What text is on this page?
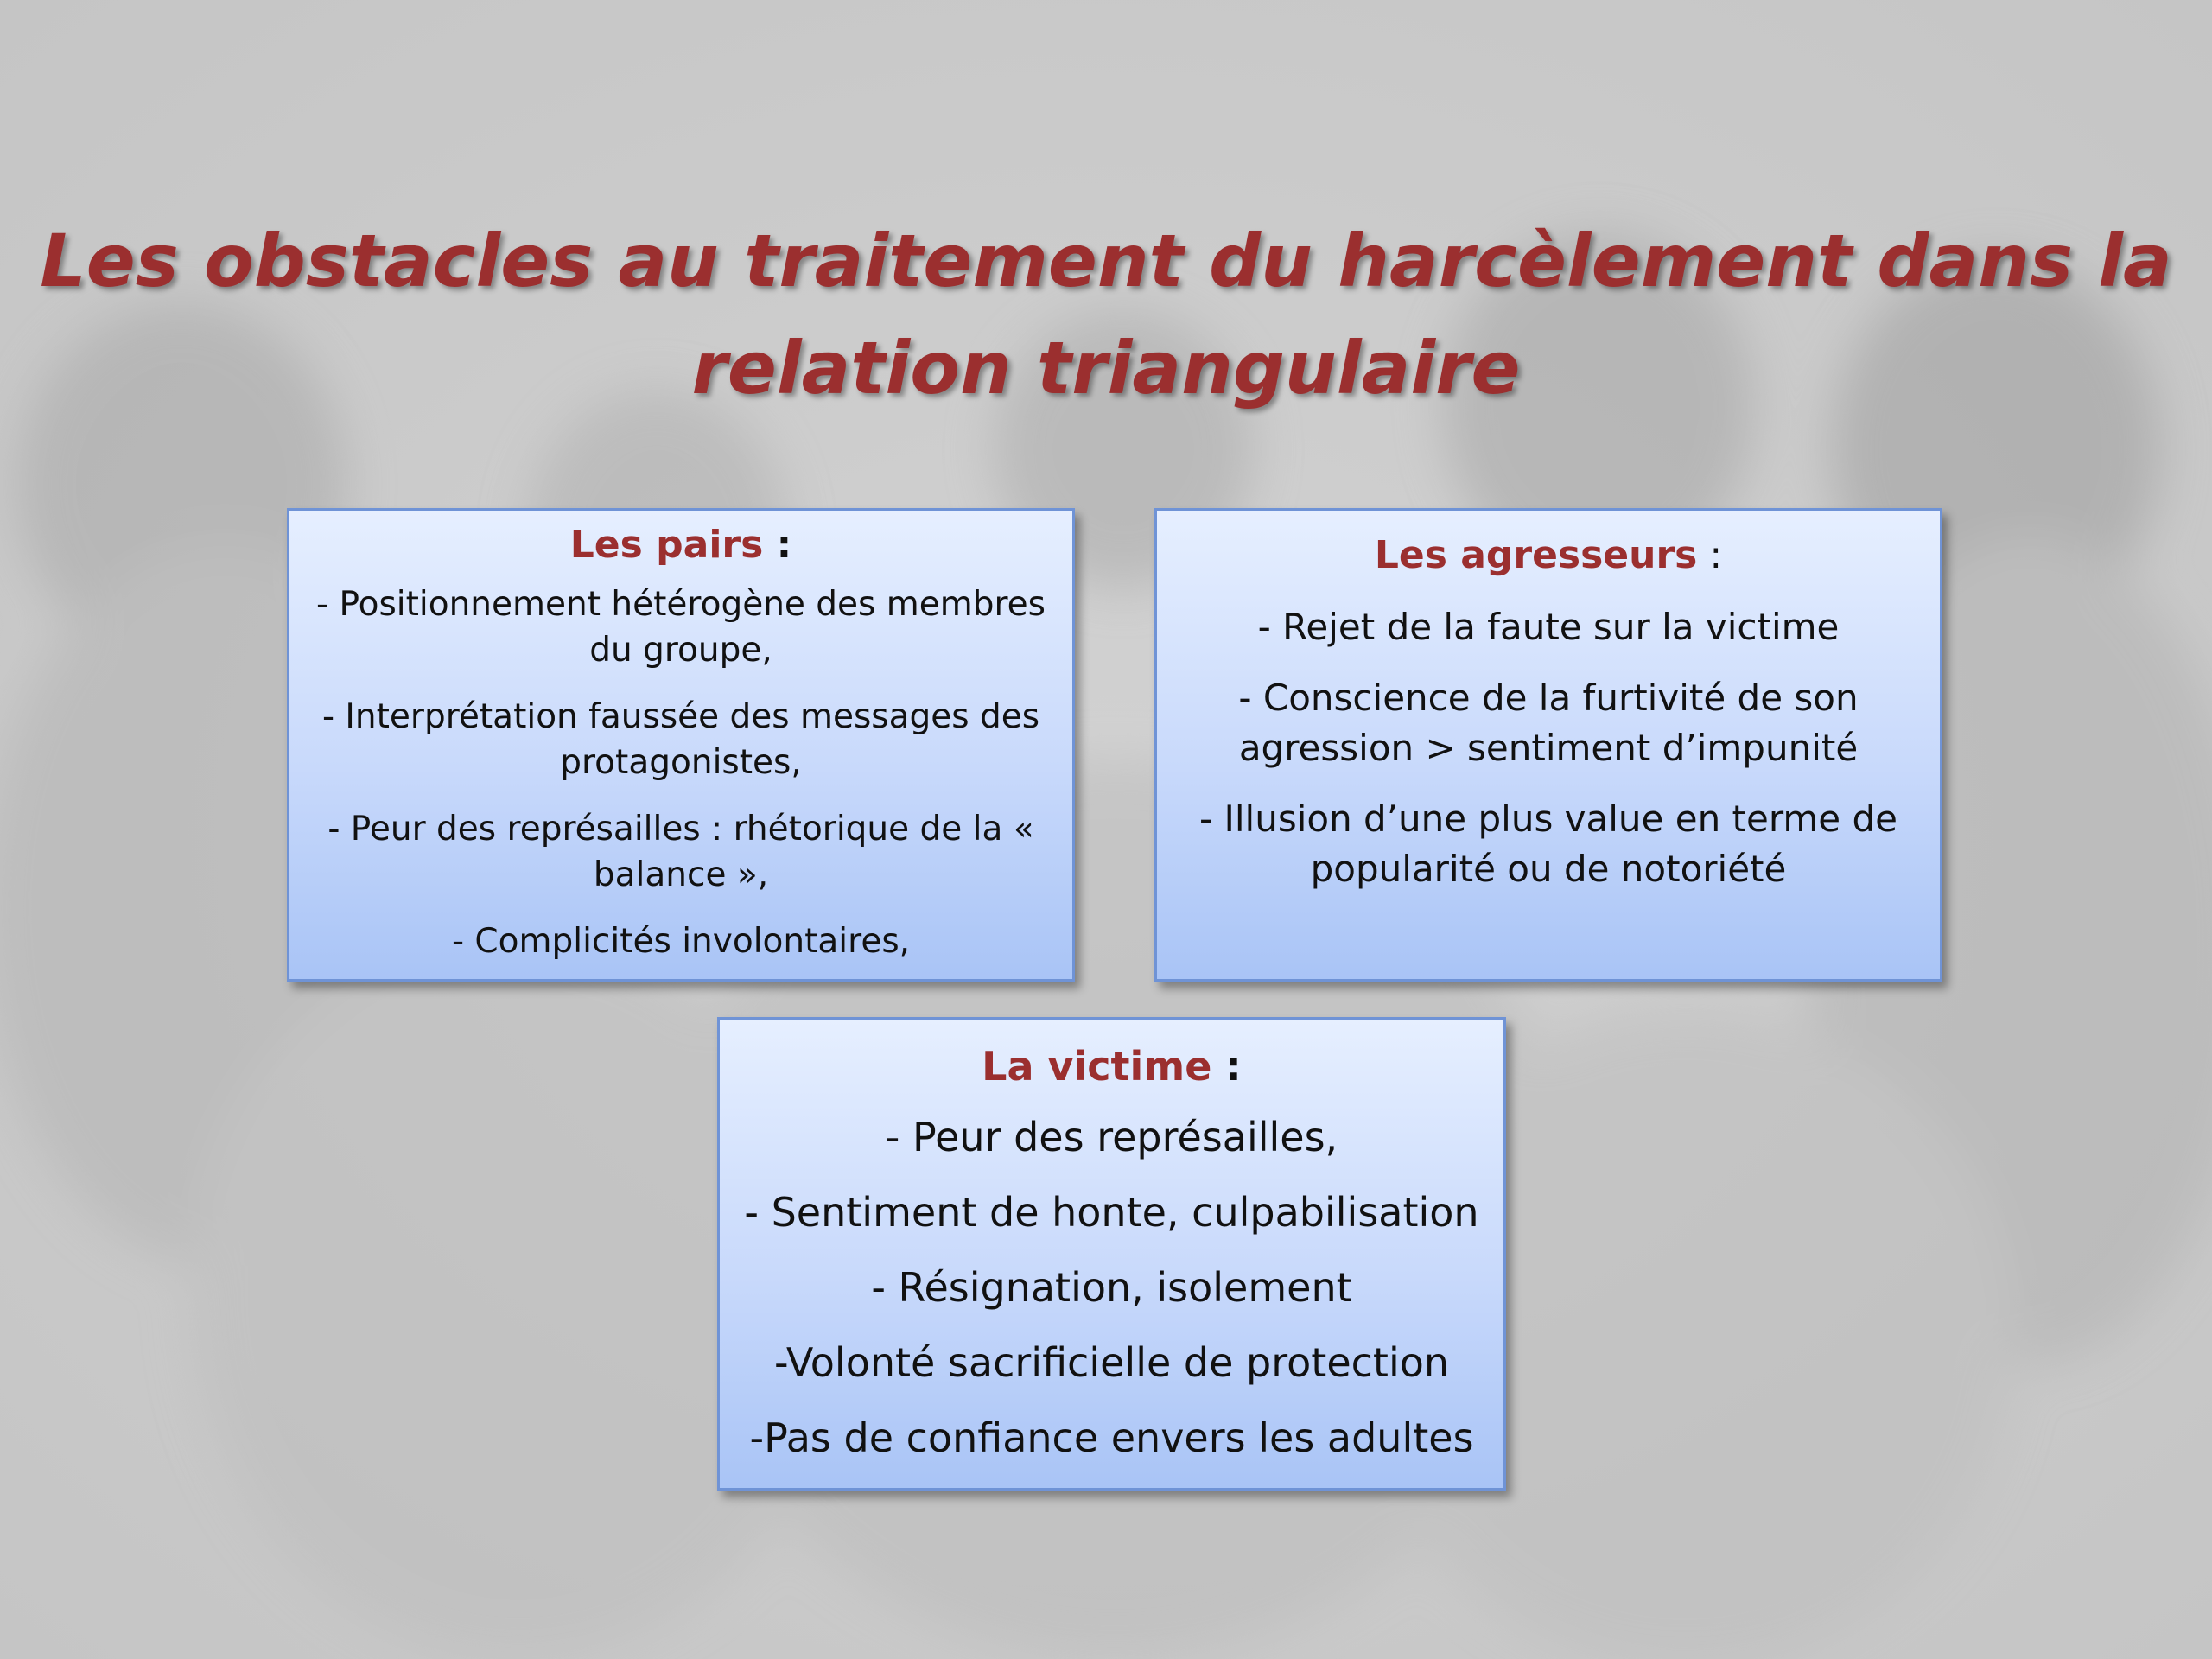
Les obstacles au traitement du harcèlement dans la
relation triangulaire
Les pairs :
- Positionnement hétérogène des membres du groupe,
- Interprétation faussée des messages des protagonistes,
- Peur des représailles : rhétorique de la « balance »,
- Complicités involontaires,
Les agresseurs :
- Rejet de la faute sur la victime
- Conscience de la furtivité de son agression > sentiment d’impunité
- Illusion d’une plus value en terme de popularité ou de notoriété
La victime :
- Peur des représailles,
- Sentiment de honte, culpabilisation
- Résignation, isolement
-Volonté sacrificielle de protection
-Pas de confiance envers les adultes
